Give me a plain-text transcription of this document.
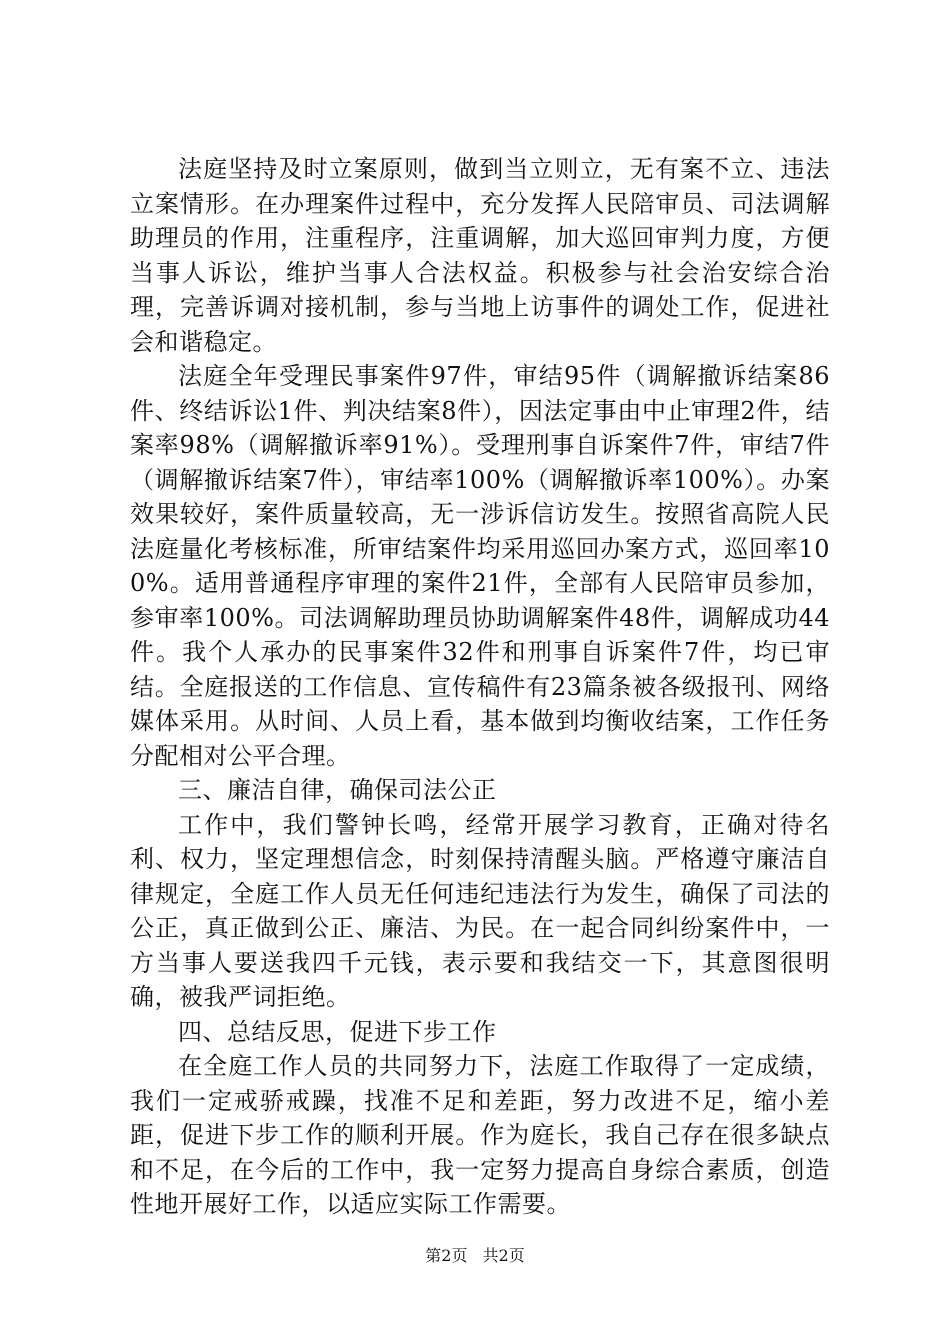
法庭坚持及时立案原则，做到当立则立，无有案不立、违法立案情形。在办理案件过程中，充分发挥人民陪审员、司法调解助理员的作用，注重程序，注重调解，加大巡回审判力度，方便当事人诉讼，维护当事人合法权益。积极参与社会治安综合治理，完善诉调对接机制，参与当地上访事件的调处工作，促进社会和谐稳定。

法庭全年受理民事案件97件，审结95件（调解撤诉结案86件、终结诉讼1件、判决结案8件），因法定事由中止审理2件，结案率98%（调解撤诉率91%）。受理刑事自诉案件7件，审结7件（调解撤诉结案7件），审结率100%（调解撤诉率100%）。办案效果较好，案件质量较高，无一涉诉信访发生。按照省高院人民法庭量化考核标准，所审结案件均采用巡回办案方式，巡回率100%。适用普通程序审理的案件21件，全部有人民陪审员参加，参审率100%。司法调解助理员协助调解案件48件，调解成功44件。我个人承办的民事案件32件和刑事自诉案件7件，均已审结。全庭报送的工作信息、宣传稿件有23篇条被各级报刊、网络媒体采用。从时间、人员上看，基本做到均衡收结案，工作任务分配相对公平合理。

三、廉洁自律，确保司法公正

工作中，我们警钟长鸣，经常开展学习教育，正确对待名利、权力，坚定理想信念，时刻保持清醒头脑。严格遵守廉洁自律规定，全庭工作人员无任何违纪违法行为发生，确保了司法的公正，真正做到公正、廉洁、为民。在一起合同纠纷案件中，一方当事人要送我四千元钱，表示要和我结交一下，其意图很明确，被我严词拒绝。

四、总结反思，促进下步工作

在全庭工作人员的共同努力下，法庭工作取得了一定成绩，我们一定戒骄戒躁，找准不足和差距，努力改进不足，缩小差距，促进下步工作的顺利开展。作为庭长，我自己存在很多缺点和不足，在今后的工作中，我一定努力提高自身综合素质，创造性地开展好工作，以适应实际工作需要。

第2页 共2页
